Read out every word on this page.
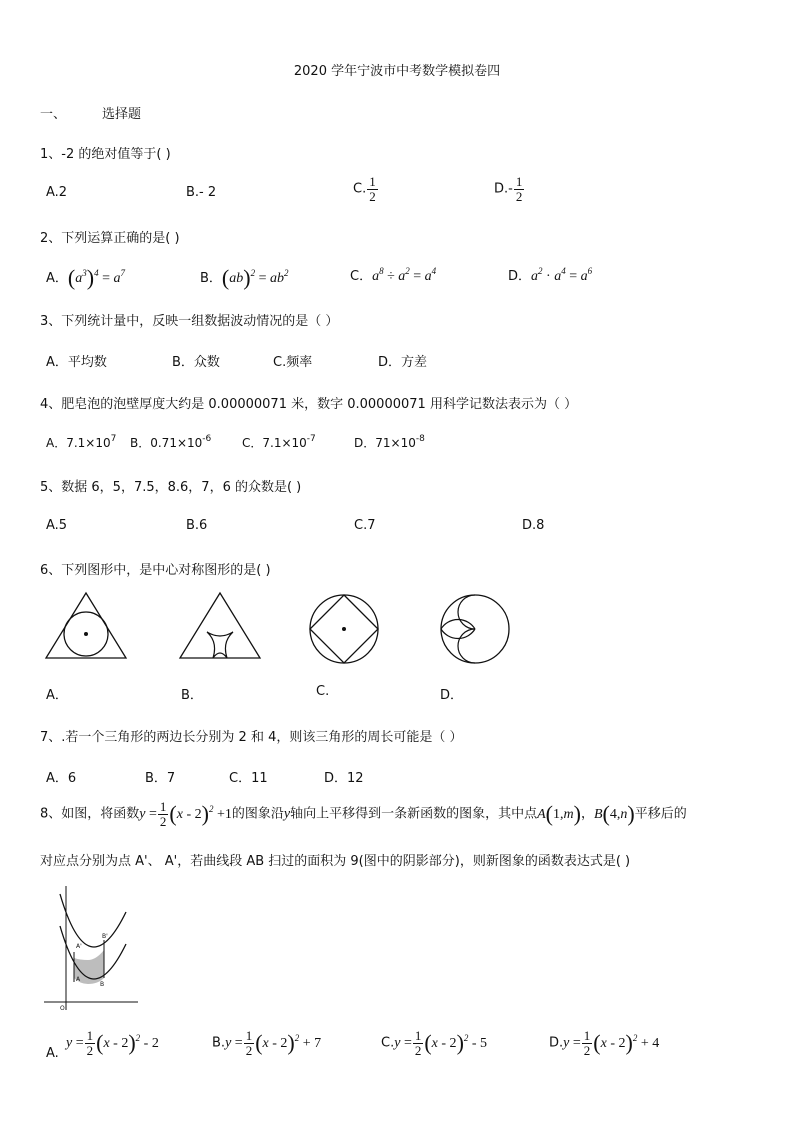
2020 学年宁波市中考数学模拟卷四
一、	选择题
1、-2 的绝对值等于( )
A.2	B.- 2	C. $\frac{1}{2}$	$D.- \frac{1}{2}$
2、下列运算正确的是( )
A．$(a^3)^4 = a^7$	B．$(ab)^2 = ab^2$	C．$a^8 \div a^2 = a^4$	D．$a^2 \cdot a^4 = a^6$
3、下列统计量中，反映一组数据波动情况的是（ ）
A．平均数	B．众数	C.频率	D．方差
4、肥皂泡的泡壁厚度大约是 0.00000071 米，数字 0.00000071 用科学记数法表示为（ ）
A．$7.1\times 10^7$ B．$0.71\times 10^{-6}$	C．$7.1\times 10^{-7}$	D．$71\times 10^{-8}$
5、数据 6，5，7.5，8.6，7，6 的众数是( )
A.5	B.6	C.7	D.8
6、下列图形中，是中心对称图形的是( )
A．	B．	C.	D．
7、.若一个三角形的两边长分别为 2 和 4，则该三角形的周长可能是（ ）
A．6	B．7	C．11	D．12
8、如图，将函数$y = \frac{1}{2} (x - 2)^2 +1$的图象沿y轴向上平移得到一条新函数的图象，其中点A(1,m)，B(4,n)平移后的
对应点分别为点 A'、 A'，若曲线段 AB 扫过的面积为 9(图中的阴影部分)，则新图象的函数表达式是( )
A'
B'
A
B
O
A.
$y = \frac{1}{2} (x - 2)^2 - 2$	$B.y = \frac{1}{2} (x - 2)^2 + 7$	$C.y = \frac{1}{2} (x - 2)^2 - 5$	$D.y = \frac{1}{2} (x - 2)^2 + 4$
